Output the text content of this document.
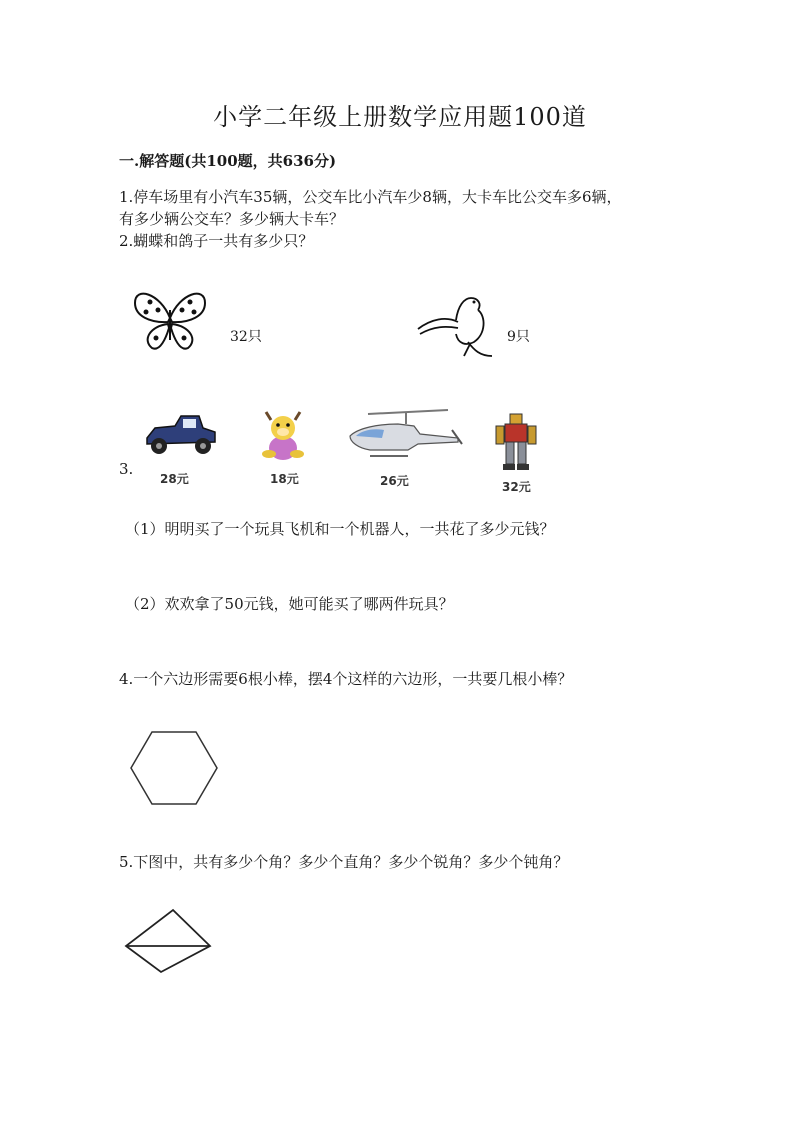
小学二年级上册数学应用题100道
一.解答题(共100题，共636分)
1.停车场里有小汽车35辆，公交车比小汽车少8辆，大卡车比公交车多6辆，
有多少辆公交车？多少辆大卡车？
2.蝴蝶和鸽子一共有多少只？
32只	9只
3.
28元	18元	26元	32元
（1）明明买了一个玩具飞机和一个机器人，一共花了多少元钱？
（2）欢欢拿了50元钱，她可能买了哪两件玩具？
4.一个六边形需要6根小棒，摆4个这样的六边形，一共要几根小棒？
5.下图中，共有多少个角？多少个直角？多少个锐角？多少个钝角？
